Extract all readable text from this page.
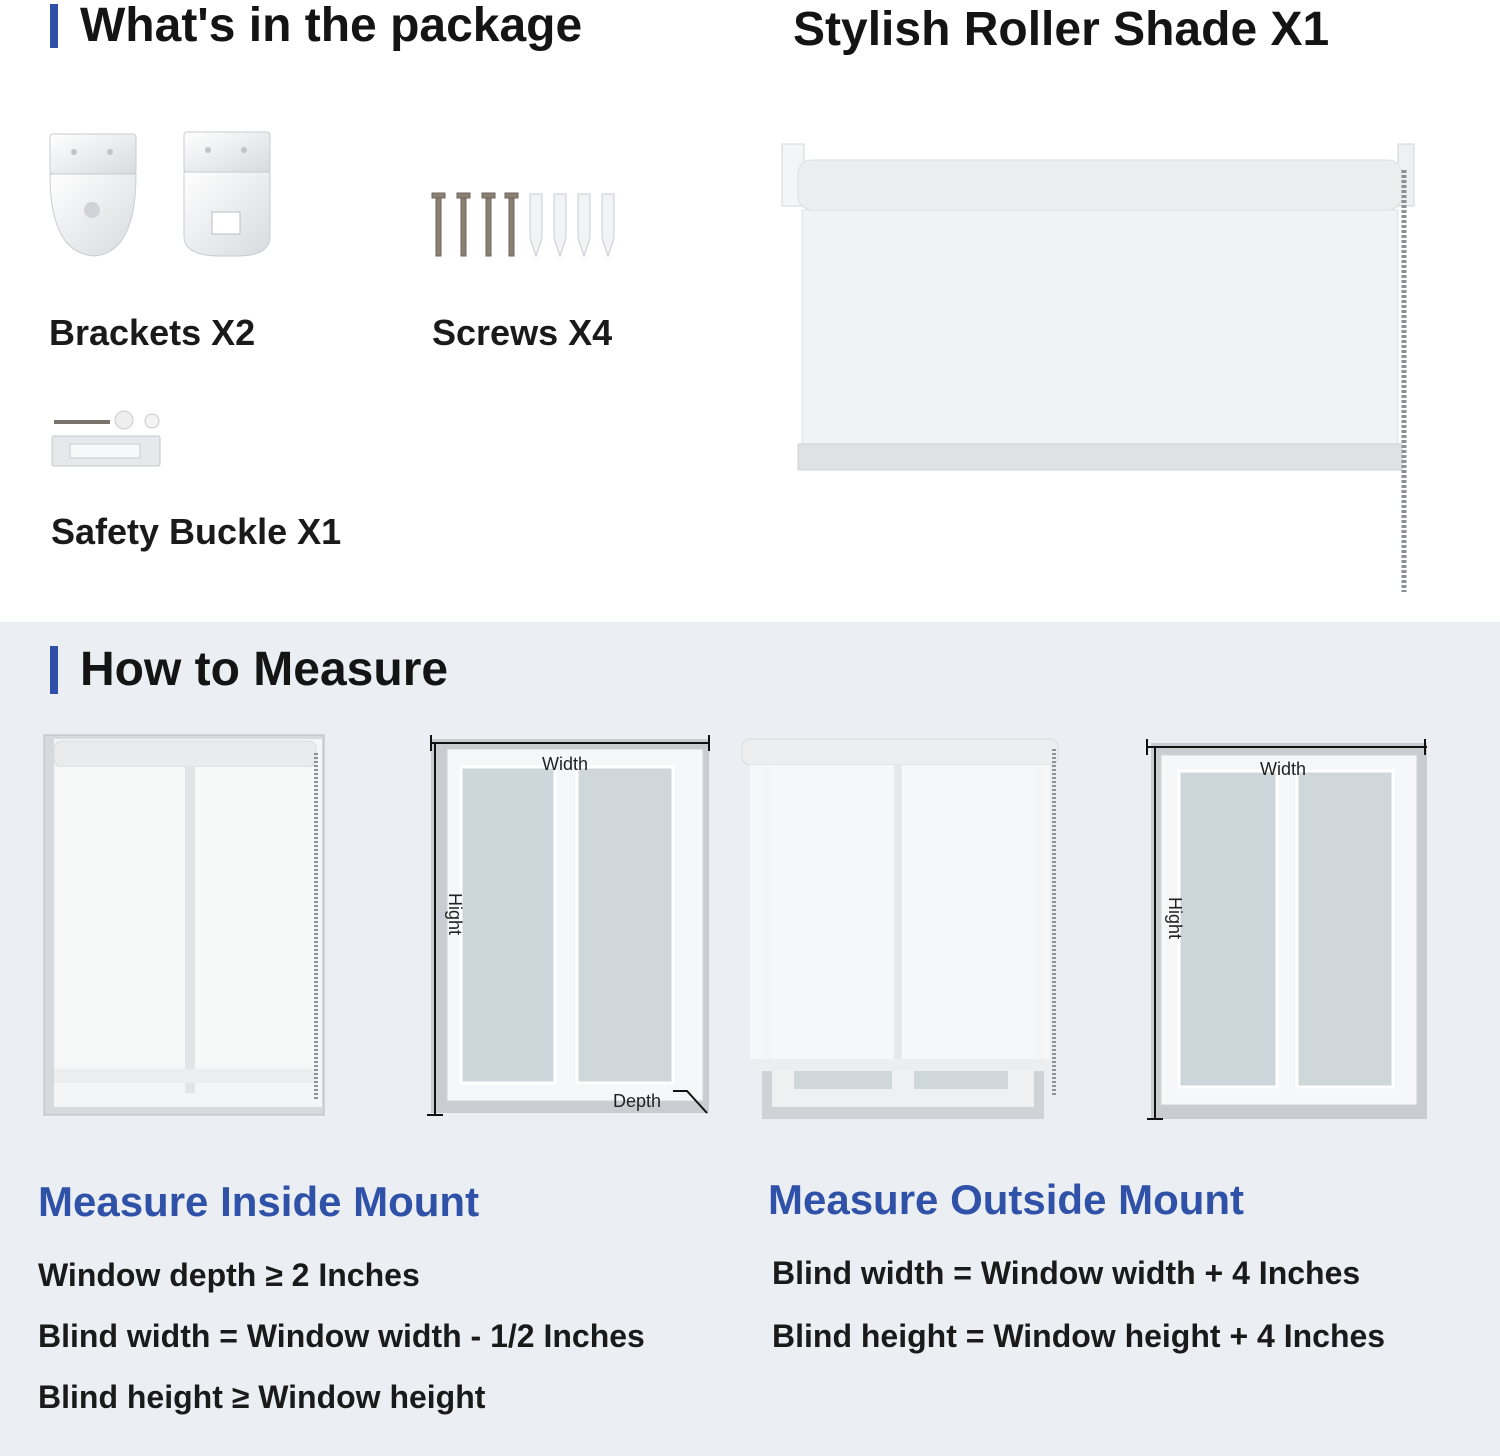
What's in the package	Stylish Roller Shade X1
Brackets X2	Screws X4
Safety Buckle X1
How to Measure
Width
Hight
Depth
Width
Hight
Measure Inside Mount
Window depth ≥ 2 Inches
Blind width = Window width - 1/2 Inches
Blind height ≥ Window height
Measure Outside Mount
Blind width = Window width + 4 Inches
Blind height = Window height + 4 Inches
